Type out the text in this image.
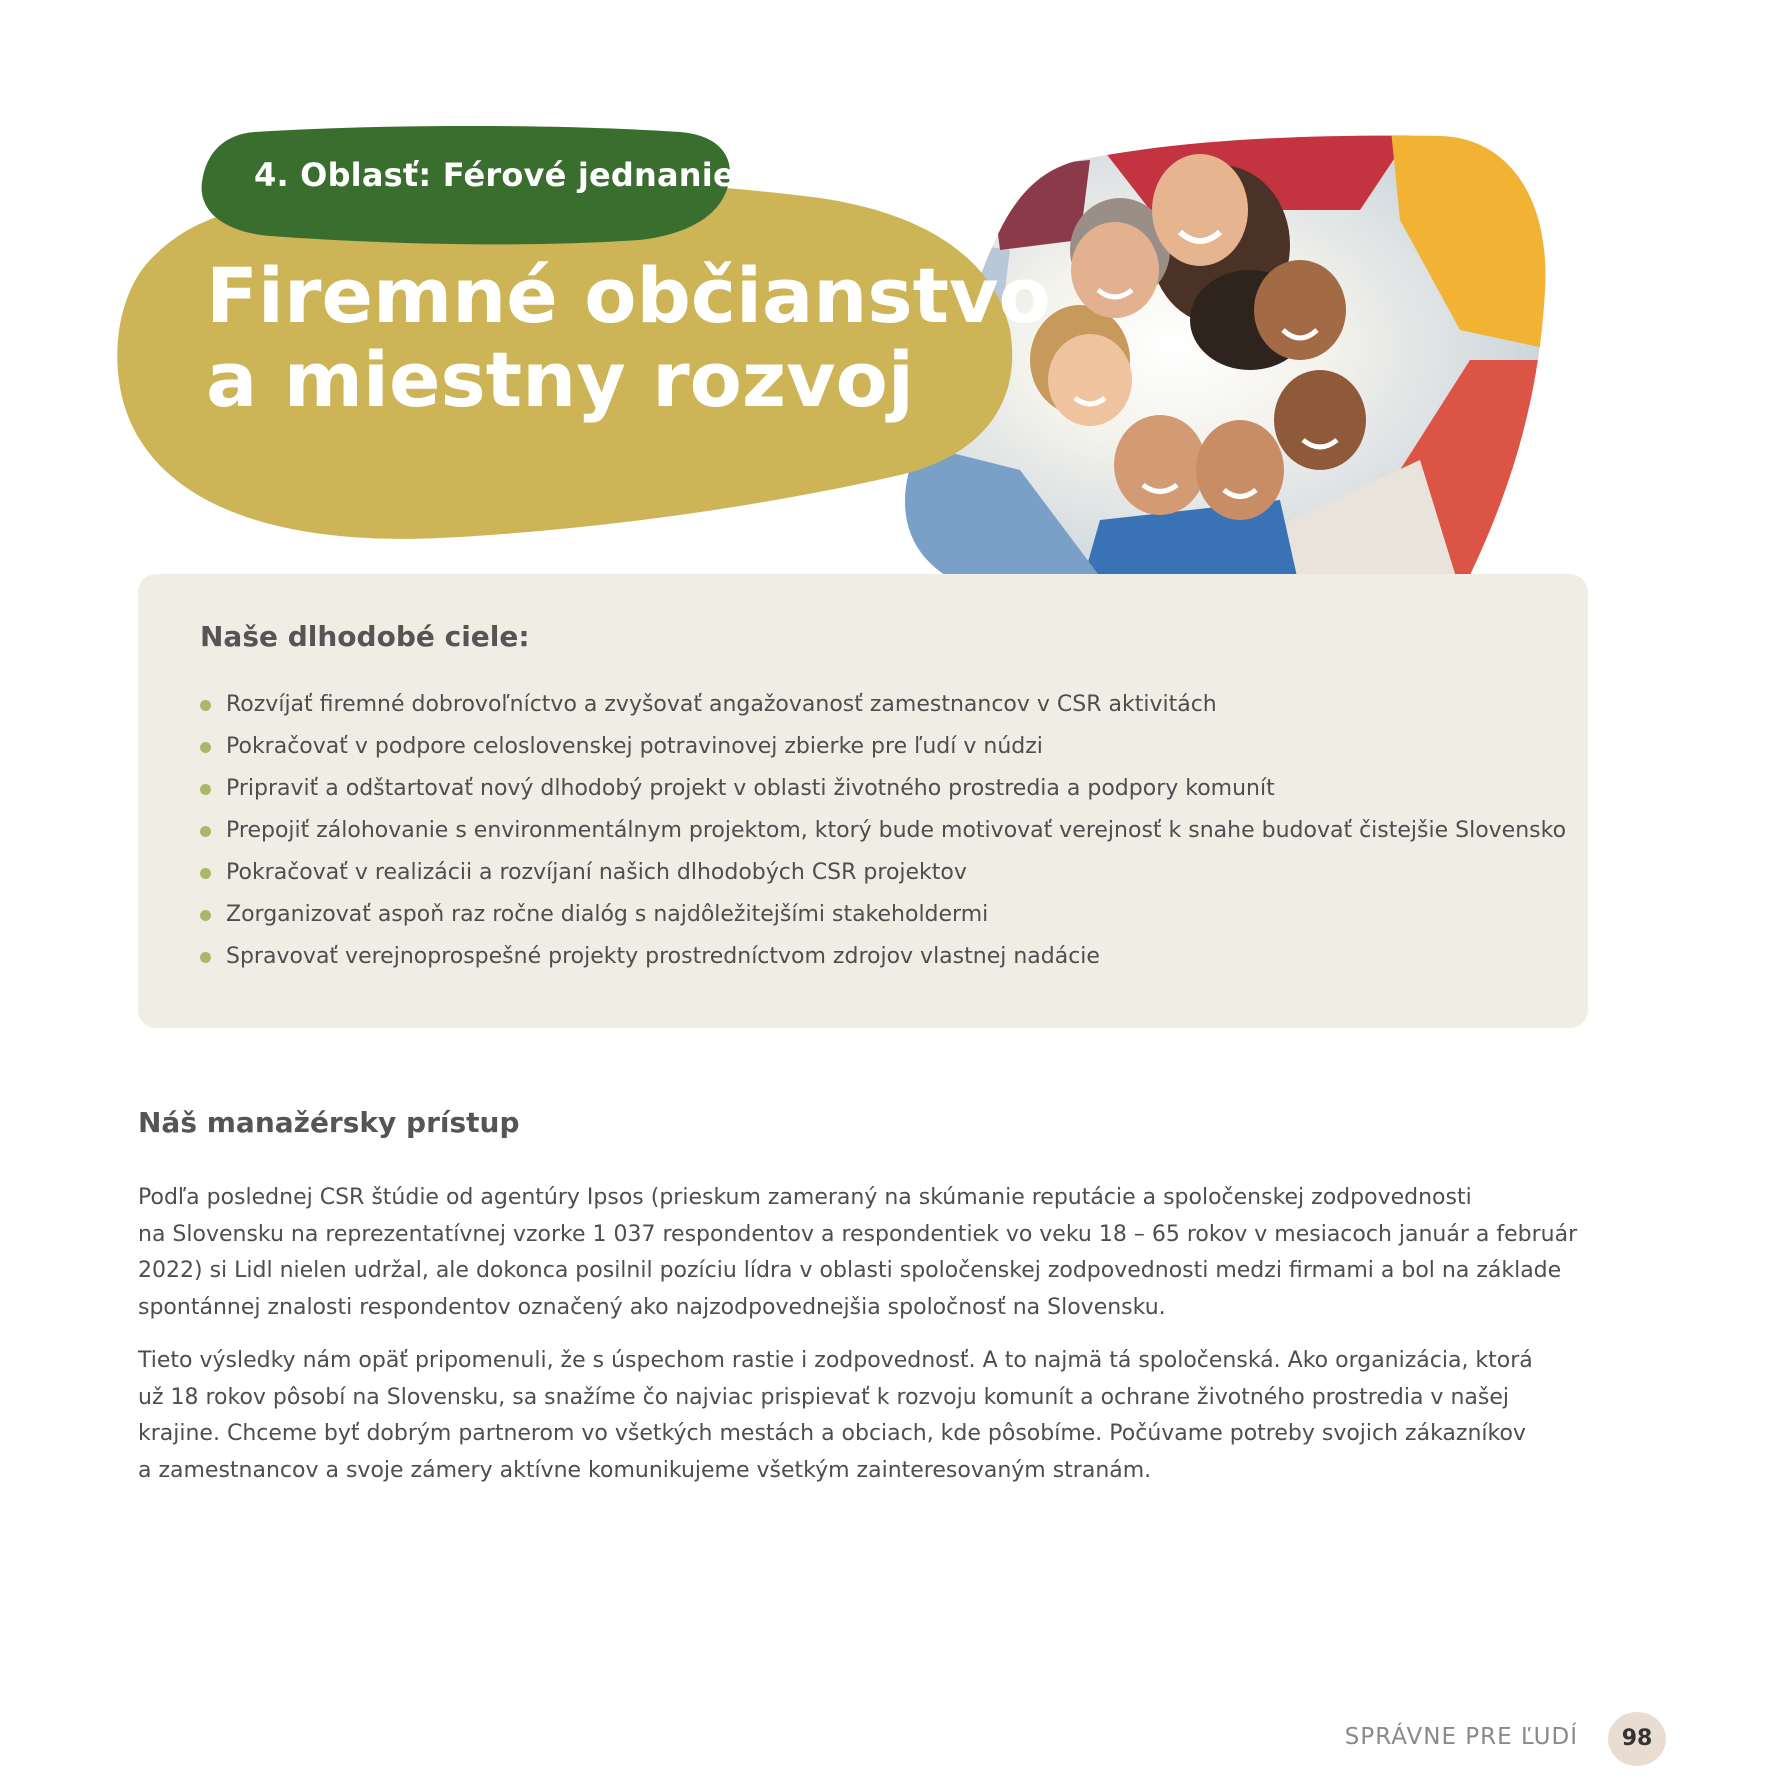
4. Oblasť: Férové jednanie
Firemné občianstvo
a miestny rozvoj
Naše dlhodobé ciele:
Rozvíjať firemné dobrovoľníctvo a zvyšovať angažovanosť zamestnancov v CSR aktivitách
Pokračovať v podpore celoslovenskej potravinovej zbierke pre ľudí v núdzi
Pripraviť a odštartovať nový dlhodobý projekt v oblasti životného prostredia a podpory komunít
Prepojiť zálohovanie s environmentálnym projektom, ktorý bude motivovať verejnosť k snahe budovať čistejšie Slovensko
Pokračovať v realizácii a rozvíjaní našich dlhodobých CSR projektov
Zorganizovať aspoň raz ročne dialóg s najdôležitejšími stakeholdermi
Spravovať verejnoprospešné projekty prostredníctvom zdrojov vlastnej nadácie
Náš manažérsky prístup

Podľa poslednej CSR štúdie od agentúry Ipsos (prieskum zameraný na skúmanie reputácie a spoločenskej zodpovednosti
na Slovensku na reprezentatívnej vzorke 1 037 respondentov a respondentiek vo veku 18 – 65 rokov v mesiacoch január a február
2022) si Lidl nielen udržal, ale dokonca posilnil pozíciu lídra v oblasti spoločenskej zodpovednosti medzi firmami a bol na základe
spontánnej znalosti respondentov označený ako najzodpovednejšia spoločnosť na Slovensku.

Tieto výsledky nám opäť pripomenuli, že s úspechom rastie i zodpovednosť. A to najmä tá spoločenská. Ako organizácia, ktorá
už 18 rokov pôsobí na Slovensku, sa snažíme čo najviac prispievať k rozvoju komunít a ochrane životného prostredia v našej
krajine. Chceme byť dobrým partnerom vo všetkých mestách a obciach, kde pôsobíme. Počúvame potreby svojich zákazníkov
a zamestnancov a svoje zámery aktívne komunikujeme všetkým zainteresovaným stranám.

SPRÁVNE PRE ĽUDÍ	98
